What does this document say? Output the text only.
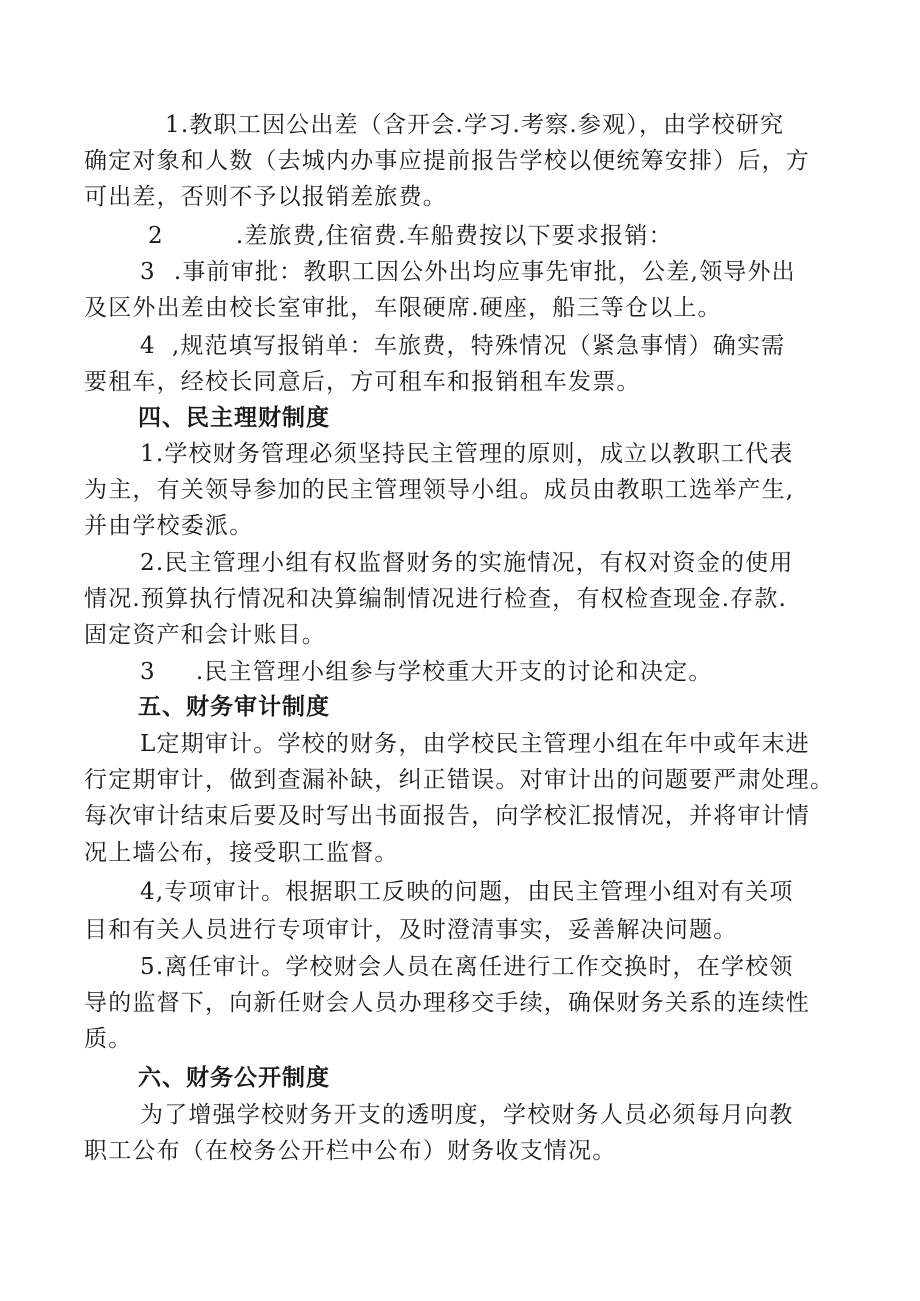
1.教职工因公出差（含开会.学习.考察.参观），由学校研究
确定对象和人数（去城内办事应提前报告学校以便统筹安排）后，方
可出差，否则不予以报销差旅费。
2	.差旅费,住宿费.车船费按以下要求报销：
3 .事前审批：教职工因公外出均应事先审批，公差,领导外出
及区外出差由校长室审批，车限硬席.硬座，船三等仓以上。
4 ,规范填写报销单：车旅费，特殊情况（紧急事情）确实需
要租车，经校长同意后，方可租车和报销租车发票。
四、民主理财制度
1.学校财务管理必须坚持民主管理的原则，成立以教职工代表
为主，有关领导参加的民主管理领导小组。成员由教职工选举产生,
并由学校委派。
2.民主管理小组有权监督财务的实施情况，有权对资金的使用
情况.预算执行情况和决算编制情况进行检查，有权检查现金.存款.
固定资产和会计账目。
3 .民主管理小组参与学校重大开支的讨论和决定。
五、财务审计制度
L定期审计。学校的财务，由学校民主管理小组在年中或年末进
行定期审计，做到查漏补缺，纠正错误。对审计出的问题要严肃处理。
每次审计结束后要及时写出书面报告，向学校汇报情况，并将审计情
况上墙公布，接受职工监督。
4,专项审计。根据职工反映的问题，由民主管理小组对有关项
目和有关人员进行专项审计，及时澄清事实，妥善解决问题。
5.离任审计。学校财会人员在离任进行工作交换时，在学校领
导的监督下，向新任财会人员办理移交手续，确保财务关系的连续性
质。
六、财务公开制度
为了增强学校财务开支的透明度，学校财务人员必须每月向教
职工公布（在校务公开栏中公布）财务收支情况。
